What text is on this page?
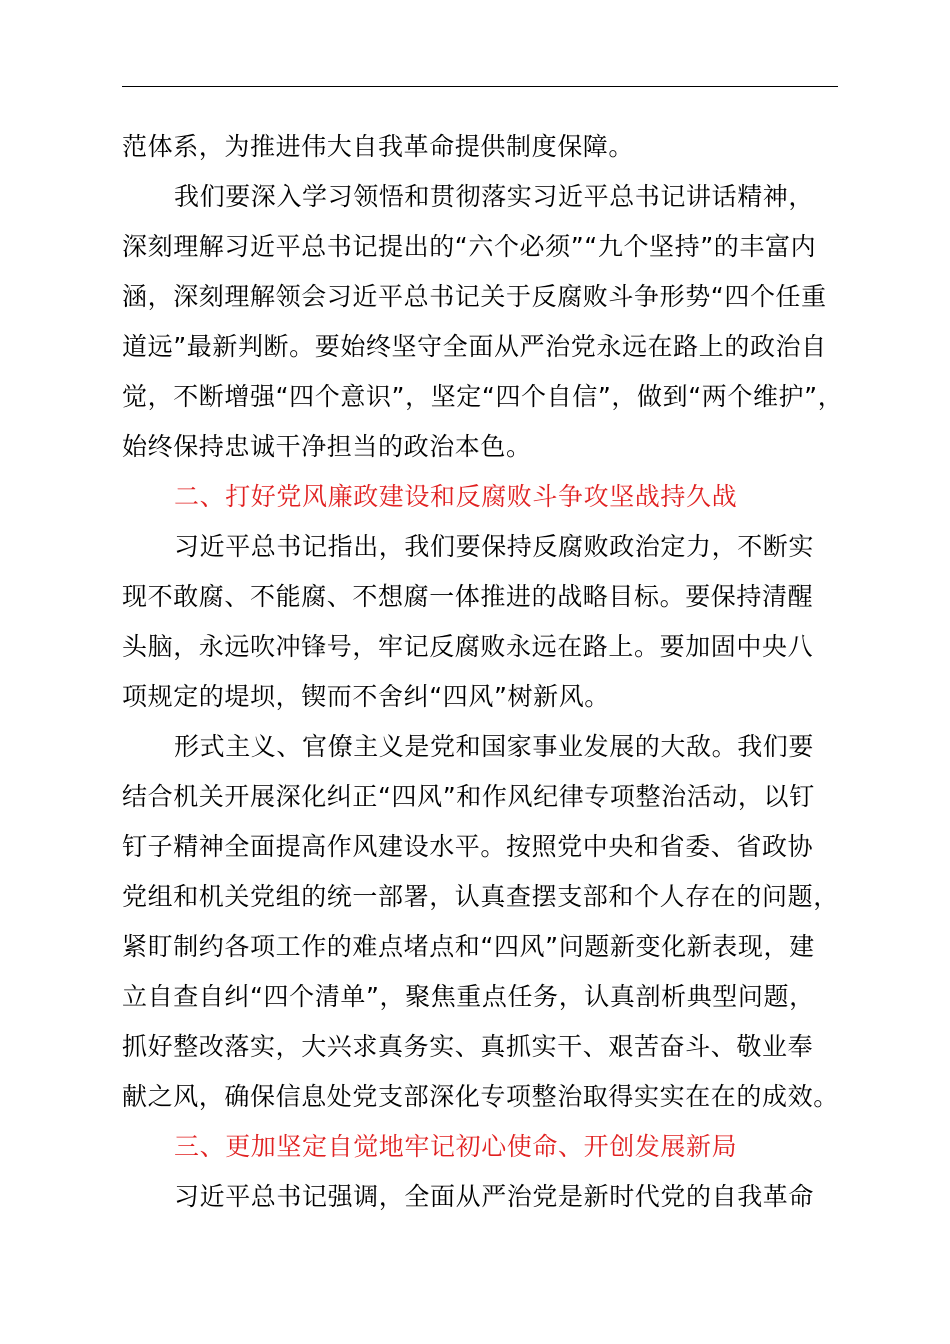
范体系，为推进伟大自我革命提供制度保障。

我们要深入学习领悟和贯彻落实习近平总书记讲话精神，
深刻理解习近平总书记提出的“六个必须”“九个坚持”的丰富内
涵，深刻理解领会习近平总书记关于反腐败斗争形势“四个任重
道远”最新判断。要始终坚守全面从严治党永远在路上的政治自
觉，不断增强“四个意识”，坚定“四个自信”，做到“两个维护”，
始终保持忠诚干净担当的政治本色。

二、打好党风廉政建设和反腐败斗争攻坚战持久战

习近平总书记指出，我们要保持反腐败政治定力，不断实
现不敢腐、不能腐、不想腐一体推进的战略目标。要保持清醒
头脑，永远吹冲锋号，牢记反腐败永远在路上。要加固中央八
项规定的堤坝，锲而不舍纠“四风”树新风。

形式主义、官僚主义是党和国家事业发展的大敌。我们要
结合机关开展深化纠正“四风”和作风纪律专项整治活动，以钉
钉子精神全面提高作风建设水平。按照党中央和省委、省政协
党组和机关党组的统一部署，认真查摆支部和个人存在的问题，
紧盯制约各项工作的难点堵点和“四风”问题新变化新表现，建
立自查自纠“四个清单”，聚焦重点任务，认真剖析典型问题，
抓好整改落实，大兴求真务实、真抓实干、艰苦奋斗、敬业奉
献之风，确保信息处党支部深化专项整治取得实实在在的成效。

三、更加坚定自觉地牢记初心使命、开创发展新局

习近平总书记强调，全面从严治党是新时代党的自我革命
